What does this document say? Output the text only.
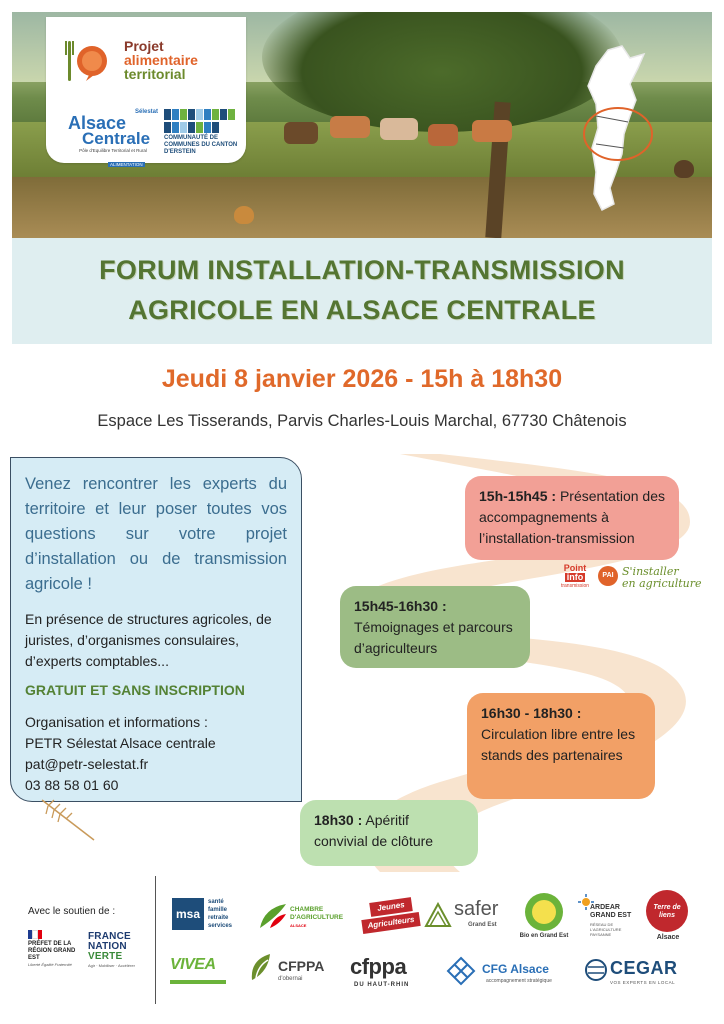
Projet
alimentaire
territorial
Sélestat
Alsace
Centrale
Pôle d'Equilibre Territorial et Rural
ALIMENTATION
COMMUNAUTÉ DE COMMUNES DU CANTON D'ERSTEIN
FORUM INSTALLATION-TRANSMISSION
AGRICOLE EN ALSACE CENTRALE
Jeudi 8 janvier 2026 - 15h à 18h30
Espace Les Tisserands, Parvis Charles-Louis Marchal, 67730 Châtenois
Venez rencontrer les experts du territoire et leur poser toutes vos questions sur votre projet d’installation ou de transmission agricole !
En présence de structures agricoles, de juristes, d’organismes consulaires, d’experts comptables...
GRATUIT ET SANS INSCRIPTION
Organisation et informations :
PETR Sélestat Alsace centrale
pat@petr-selestat.fr
03 88 58 01 60
15h-15h45 : Présentation des accompagnements à l’installation-transmission
15h45-16h30 :
Témoignages et parcours d’agriculteurs
16h30 - 18h30 :
Circulation libre entre les stands des partenaires
18h30 : Apéritif convivial de clôture
Point
info
transmission
PAI S'installer
en agriculture
Avec le soutien de :
PRÉFET DE LA RÉGION GRAND EST
Liberté Égalité Fraternité
FRANCE
NATION
VERTE
Agir · Mobiliser · Accélérer
msa
santé
famille
retraite
services
CHAMBRE
D'AGRICULTURE
ALSACE
Jeunes
Agriculteurs
safer
Grand Est
Bio en Grand Est
ARDEAR
GRAND EST
RÉSEAU DE L'AGRICULTURE PAYSANNE
Terre de liens
Alsace
VIVEA	CFPPA
d'obernai cfppa
DU HAUT-RHIN
CFG Alsace
accompagnement stratégique
CEGAR
VOS EXPERTS EN LOCAL
